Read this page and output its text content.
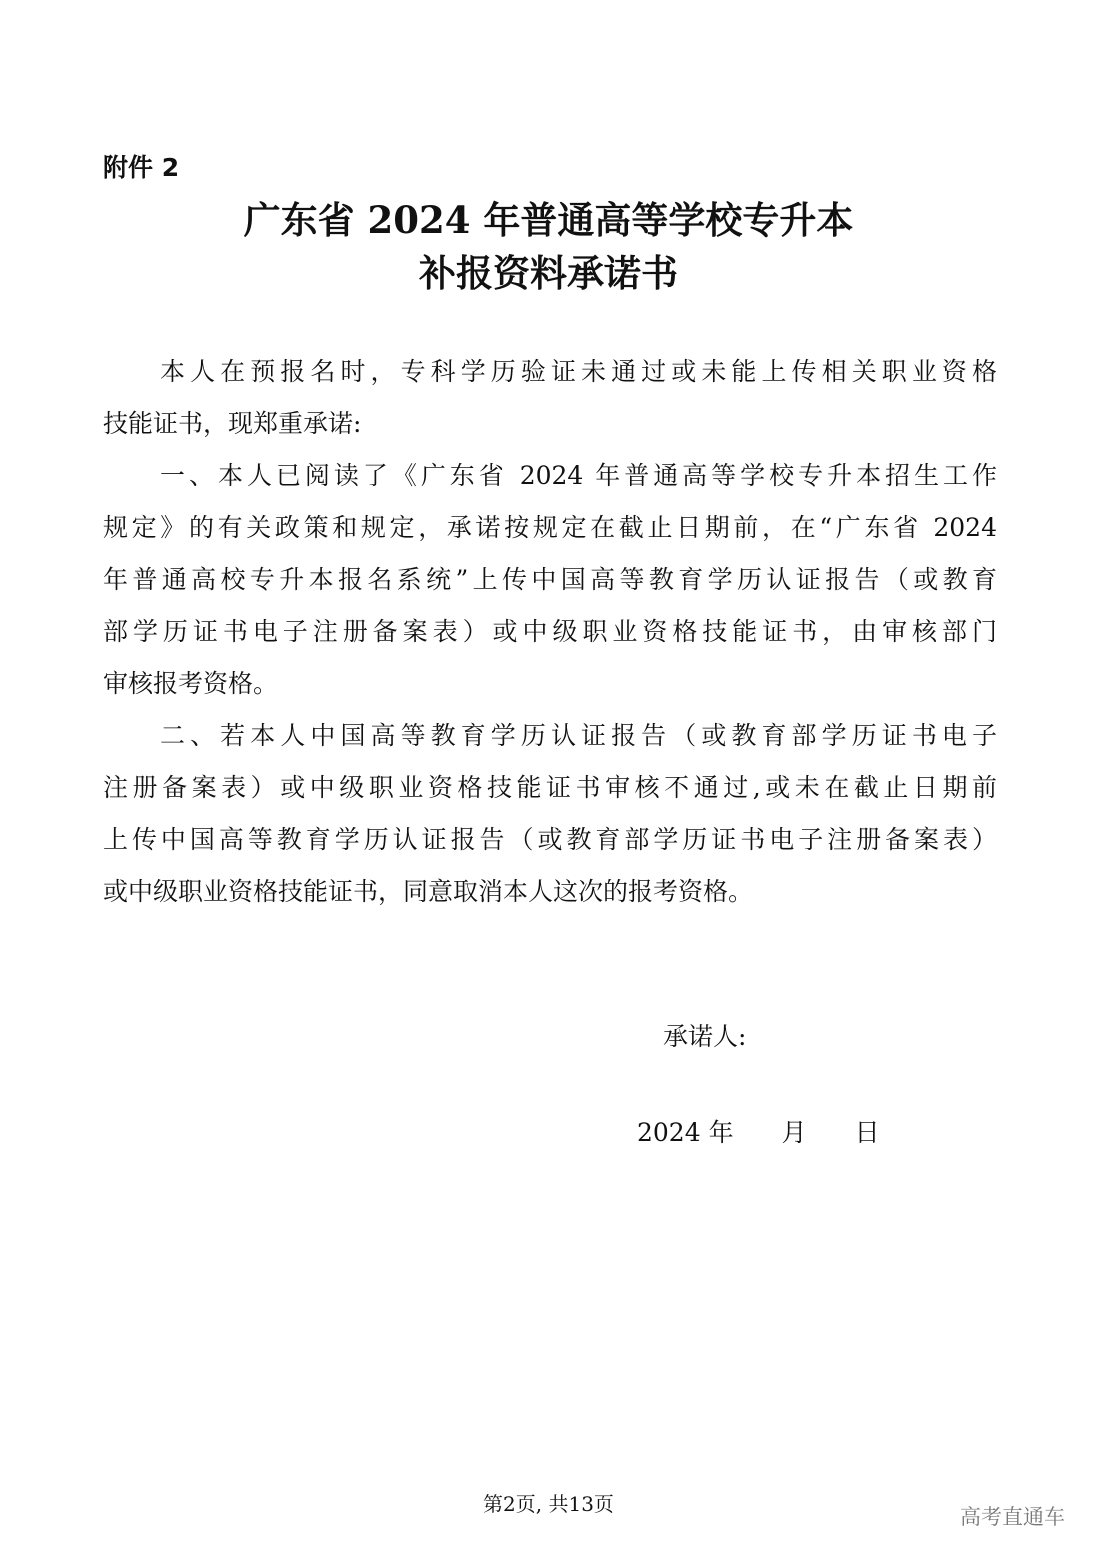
附件 2
广东省 2024 年普通高等学校专升本
补报资料承诺书
本人在预报名时，专科学历验证未通过或未能上传相关职业资格
技能证书，现郑重承诺:
一、本人已阅读了《广东省 2024 年普通高等学校专升本招生工作
规定》的有关政策和规定，承诺按规定在截止日期前，在“广东省 2024
年普通高校专升本报名系统”上传中国高等教育学历认证报告（或教育
部学历证书电子注册备案表）或中级职业资格技能证书，由审核部门
审核报考资格。
二、若本人中国高等教育学历认证报告（或教育部学历证书电子
注册备案表）或中级职业资格技能证书审核不通过,或未在截止日期前
上传中国高等教育学历认证报告（或教育部学历证书电子注册备案表）
或中级职业资格技能证书，同意取消本人这次的报考资格。
承诺人:
2024 年 月 日
第2页, 共13页
高考直通车
